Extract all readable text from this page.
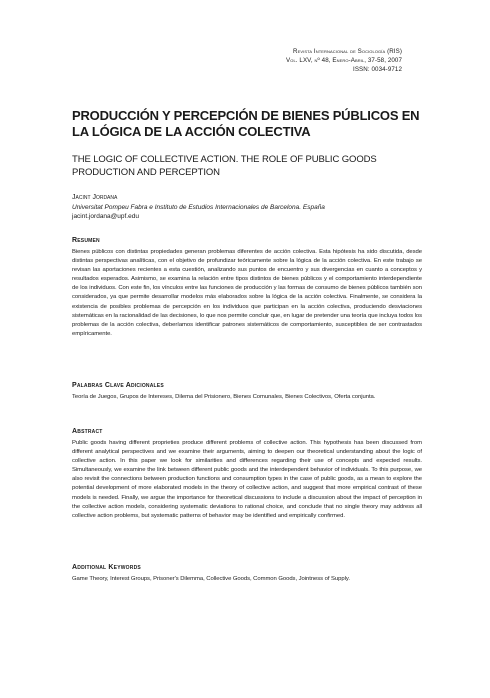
Revista Internacional de Sociología (RIS)
Vol. LXV, nº 48, Enero-Abril, 37-58, 2007
ISSN: 0034-9712
PRODUCCIÓN Y PERCEPCIÓN DE BIENES PÚBLICOS EN LA LÓGICA DE LA ACCIÓN COLECTIVA
THE LOGIC OF COLLECTIVE ACTION. THE ROLE OF PUBLIC GOODS PRODUCTION AND PERCEPTION
Jacint Jordana
Universitat Pompeu Fabra e Instituto de Estudios Internacionales de Barcelona. España
jacint.jordana@upf.edu
Resumen
Bienes públicos con distintas propiedades generan problemas diferentes de acción colectiva. Esta hipótesis ha sido discutida, desde distintas perspectivas analíticas, con el objetivo de profundizar teóricamente sobre la lógica de la acción colectiva. En este trabajo se revisan las aportaciones recientes a esta cuestión, analizando sus puntos de encuentro y sus divergencias en cuanto a conceptos y resultados esperados. Asimismo, se examina la relación entre tipos distintos de bienes públicos y el comportamiento interdependiente de los individuos. Con este fin, los vínculos entre las funciones de producción y las formas de consumo de bienes públicos también son considerados, ya que permite desarrollar modelos más elaborados sobre la lógica de la acción colectiva. Finalmente, se considera la existencia de posibles problemas de percepción en los individuos que participan en la acción colectiva, produciendo desviaciones sistemáticas en la racionalidad de las decisiones, lo que nos permite concluir que, en lugar de pretender una teoría que incluya todos los problemas de la acción colectiva, deberíamos identificar patrones sistemáticos de comportamiento, susceptibles de ser contrastados empíricamente.
Palabras Clave Adicionales
Teoría de Juegos, Grupos de Intereses, Dilema del Prisionero, Bienes Comunales, Bienes Colectivos, Oferta conjunta.
Abstract
Public goods having different proprieties produce different problems of collective action. This hypothesis has been discussed from different analytical perspectives and we examine their arguments, aiming to deepen our theoretical understanding about the logic of collective action. In this paper we look for similarities and differences regarding their use of concepts and expected results. Simultaneously, we examine the link between different public goods and the interdependent behavior of individuals. To this purpose, we also revisit the connections between production functions and consumption types in the case of public goods, as a mean to explore the potential development of more elaborated models in the theory of collective action, and suggest that more empirical contrast of these models is needed. Finally, we argue the importance for theoretical discussions to include a discussion about the impact of perception in the collective action models, considering systematic deviations to rational choice, and conclude that no single theory may address all collective action problems, but systematic patterns of behavior may be identified and empirically confirmed.
Additional Keywords
Game Theory, Interest Groups, Prisoner's Dilemma, Collective Goods, Common Goods, Jointness of Supply.
